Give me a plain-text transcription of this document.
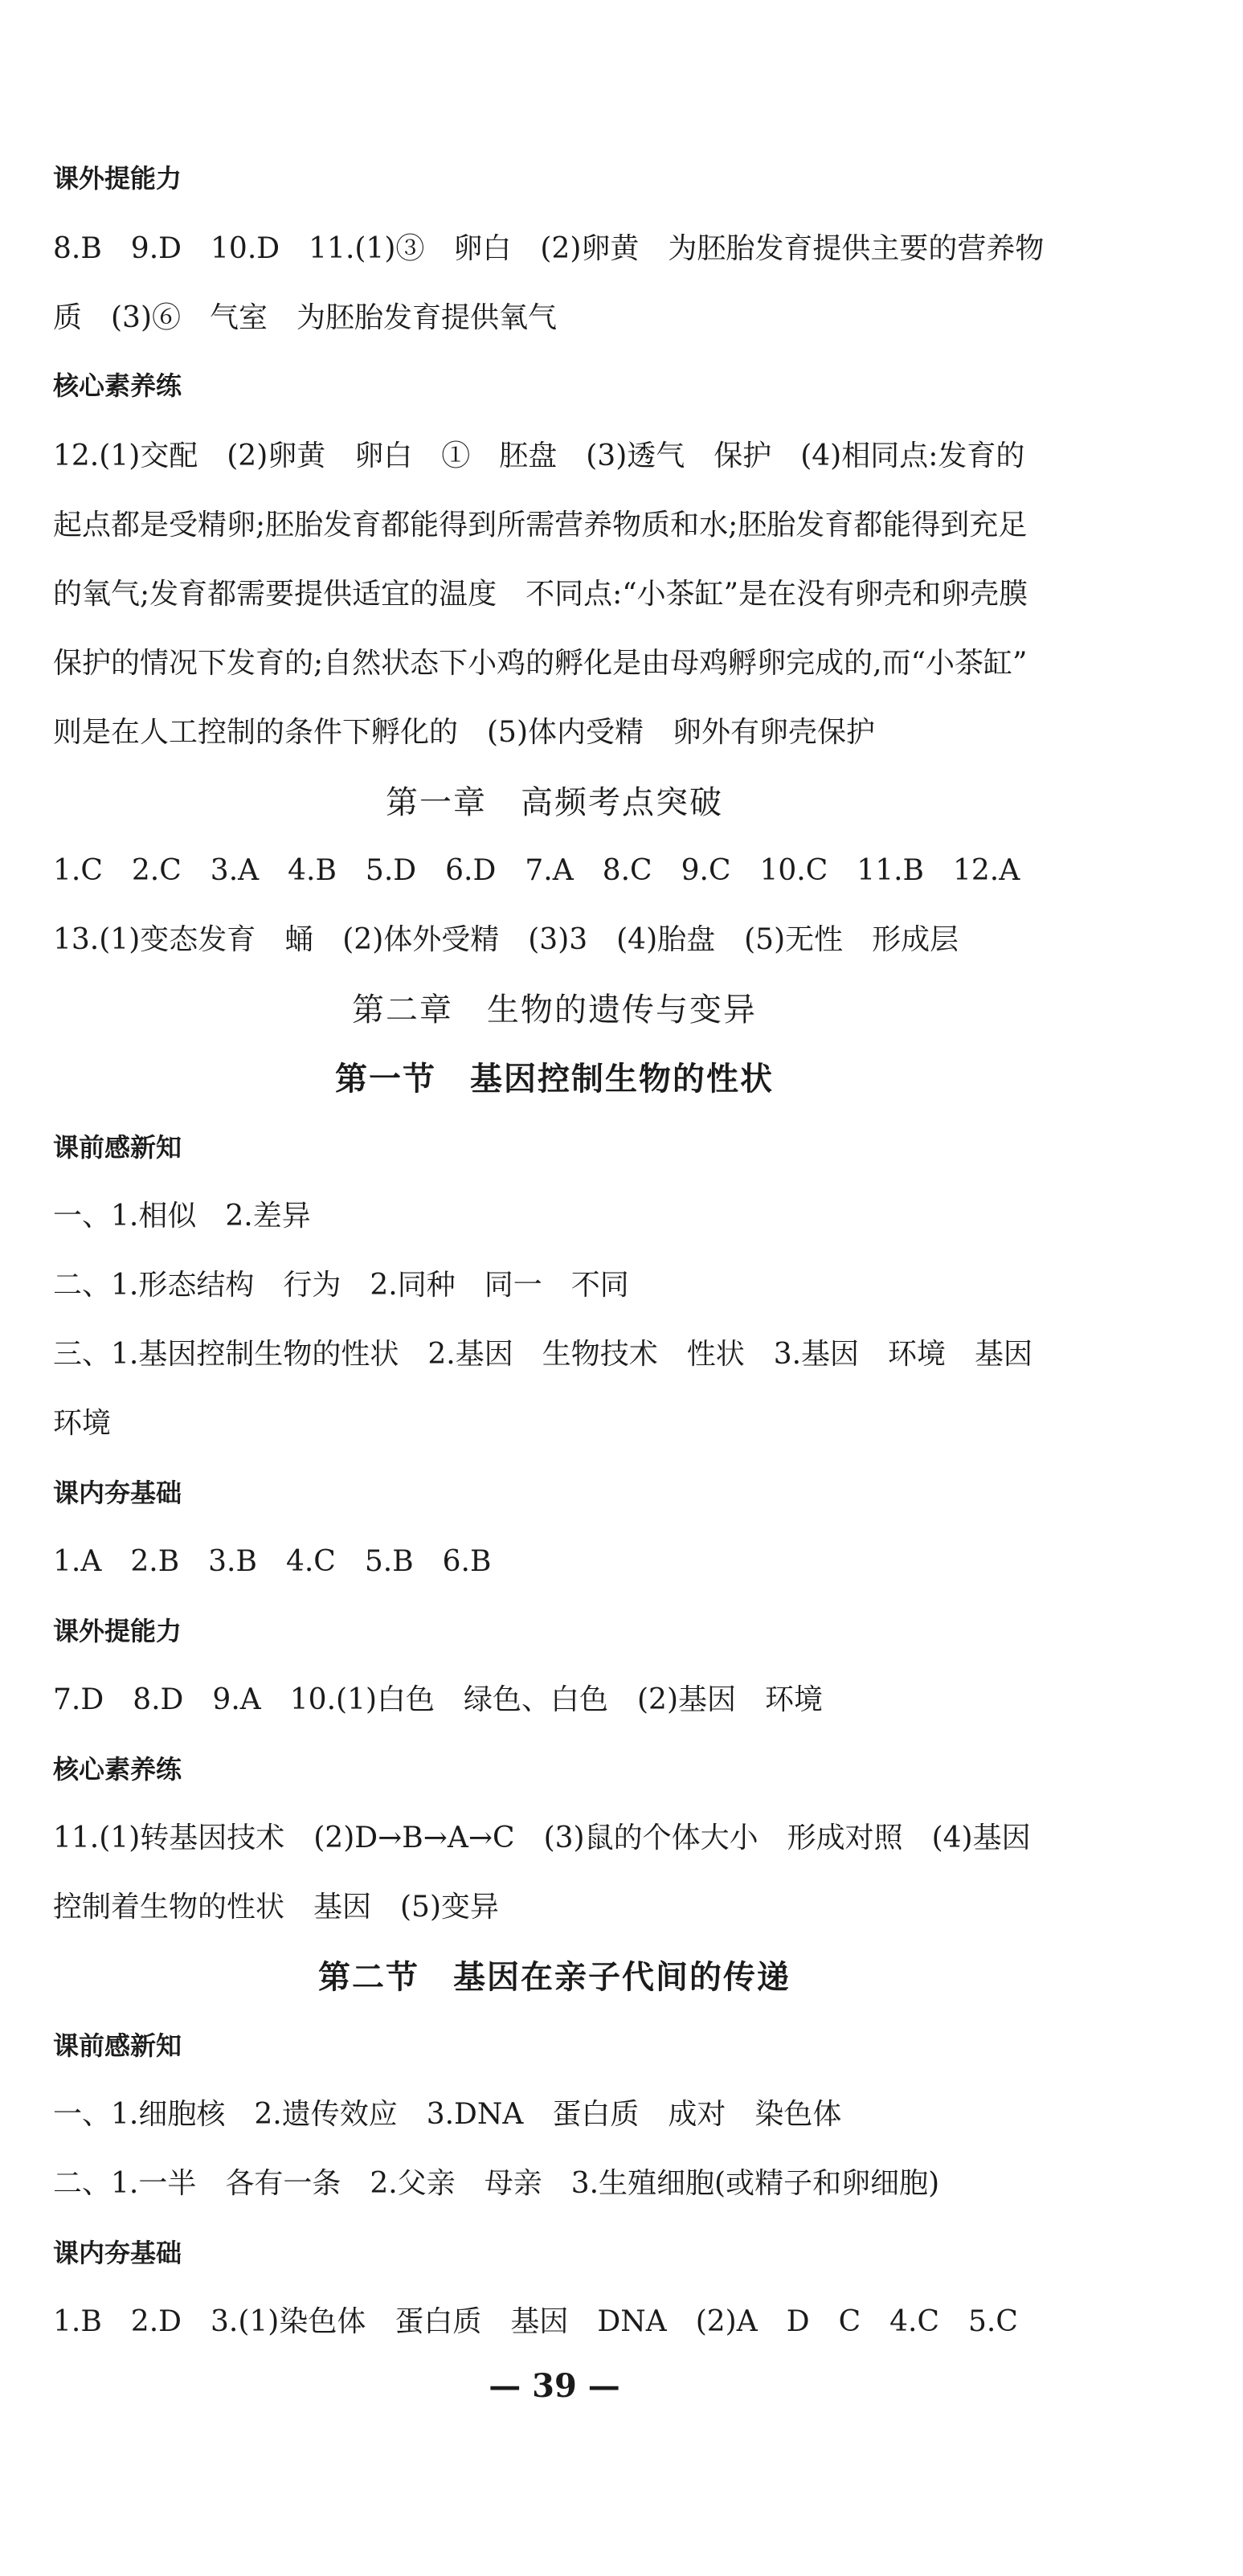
课外提能力
8.B　9.D　10.D　11.(1)③　卵白　(2)卵黄　为胚胎发育提供主要的营养物
质　(3)⑥　气室　为胚胎发育提供氧气
核心素养练
12.(1)交配　(2)卵黄　卵白　①　胚盘　(3)透气　保护　(4)相同点:发育的
起点都是受精卵;胚胎发育都能得到所需营养物质和水;胚胎发育都能得到充足
的氧气;发育都需要提供适宜的温度　不同点:“小茶缸”是在没有卵壳和卵壳膜
保护的情况下发育的;自然状态下小鸡的孵化是由母鸡孵卵完成的,而“小茶缸”
则是在人工控制的条件下孵化的　(5)体内受精　卵外有卵壳保护
第一章　高频考点突破
1.C　2.C　3.A　4.B　5.D　6.D　7.A　8.C　9.C　10.C　11.B　12.A
13.(1)变态发育　蛹　(2)体外受精　(3)3　(4)胎盘　(5)无性　形成层
第二章　生物的遗传与变异
第一节　基因控制生物的性状
课前感新知
一、1.相似　2.差异
二、1.形态结构　行为　2.同种　同一　不同
三、1.基因控制生物的性状　2.基因　生物技术　性状　3.基因　环境　基因
环境
课内夯基础
1.A　2.B　3.B　4.C　5.B　6.B
课外提能力
7.D　8.D　9.A　10.(1)白色　绿色、白色　(2)基因　环境
核心素养练
11.(1)转基因技术　(2)D→B→A→C　(3)鼠的个体大小　形成对照　(4)基因
控制着生物的性状　基因　(5)变异
第二节　基因在亲子代间的传递
课前感新知
一、1.细胞核　2.遗传效应　3.DNA　蛋白质　成对　染色体
二、1.一半　各有一条　2.父亲　母亲　3.生殖细胞(或精子和卵细胞)
课内夯基础
1.B　2.D　3.(1)染色体　蛋白质　基因　DNA　(2)A　D　C　4.C　5.C
— 39 —
